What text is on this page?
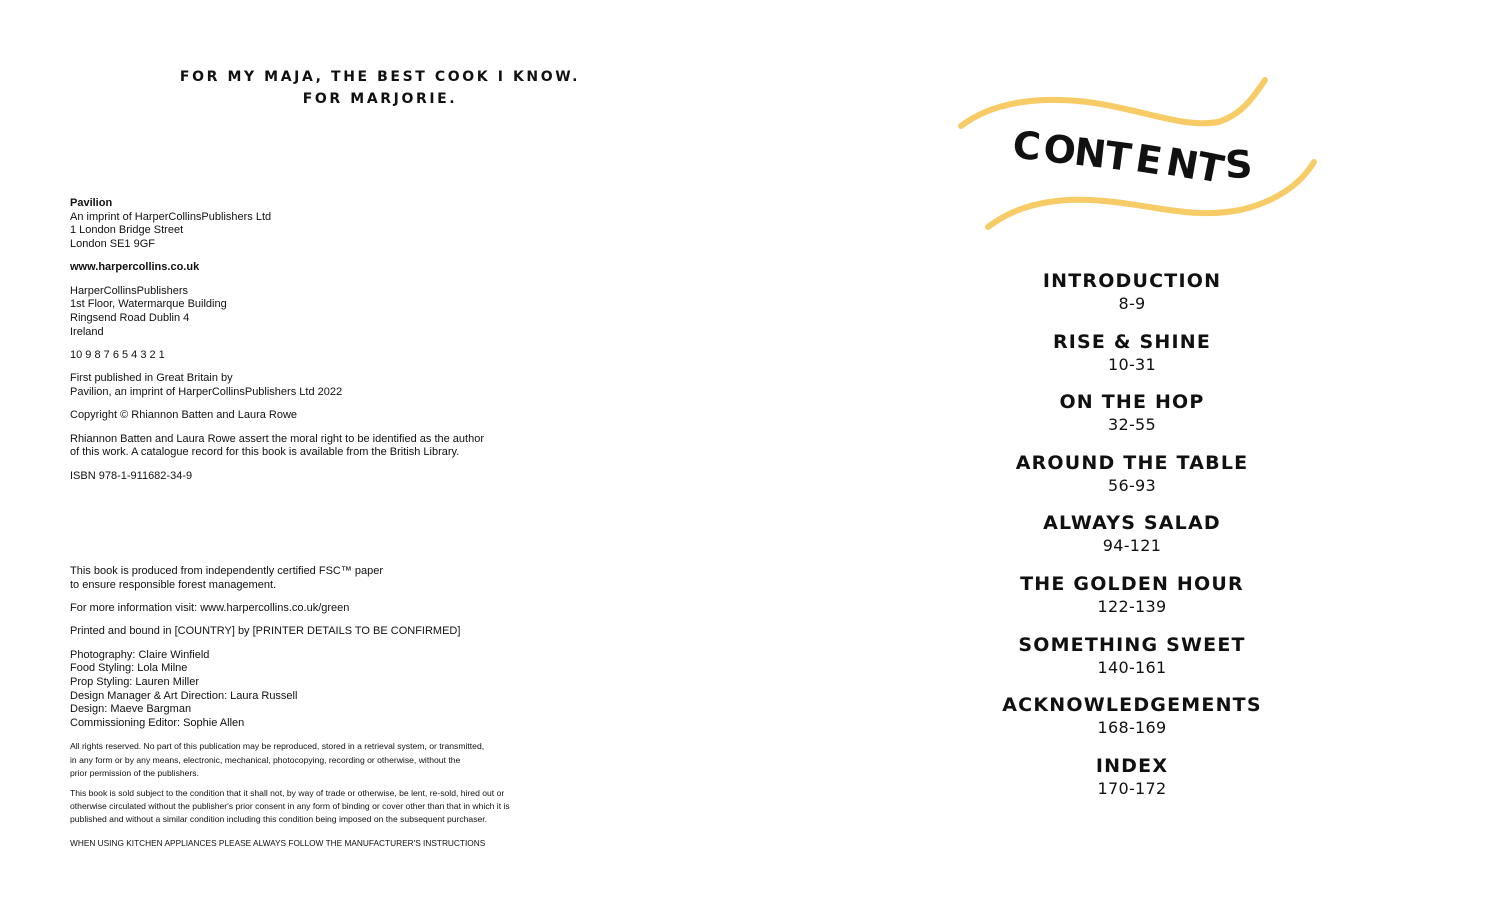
FOR MY MAJA, THE BEST COOK I KNOW.
FOR MARJORIE.
Pavilion
An imprint of HarperCollinsPublishers Ltd
1 London Bridge Street
London SE1 9GF
www.harpercollins.co.uk
HarperCollinsPublishers
1st Floor, Watermarque Building
Ringsend Road Dublin 4
Ireland
10 9 8 7 6 5 4 3 2 1
First published in Great Britain by
Pavilion, an imprint of HarperCollinsPublishers Ltd 2022
Copyright © Rhiannon Batten and Laura Rowe
Rhiannon Batten and Laura Rowe assert the moral right to be identified as the author
of this work. A catalogue record for this book is available from the British Library.
ISBN 978-1-911682-34-9
This book is produced from independently certified FSC™ paper
to ensure responsible forest management.
For more information visit: www.harpercollins.co.uk/green
Printed and bound in [COUNTRY] by [PRINTER DETAILS TO BE CONFIRMED]
Photography: Claire Winfield
Food Styling: Lola Milne
Prop Styling: Lauren Miller
Design Manager & Art Direction: Laura Russell
Design: Maeve Bargman
Commissioning Editor: Sophie Allen
All rights reserved. No part of this publication may be reproduced, stored in a retrieval system, or transmitted,
in any form or by any means, electronic, mechanical, photocopying, recording or otherwise, without the
prior permission of the publishers.
This book is sold subject to the condition that it shall not, by way of trade or otherwise, be lent, re-sold, hired out or
otherwise circulated without the publisher's prior consent in any form of binding or cover other than that in which it is
published and without a similar condition including this condition being imposed on the subsequent purchaser.
WHEN USING KITCHEN APPLIANCES PLEASE ALWAYS FOLLOW THE MANUFACTURER'S INSTRUCTIONS
C O
N
T
E
N
T
S
INTRODUCTION
8-9
RISE & SHINE
10-31
ON THE HOP
32-55
AROUND THE TABLE
56-93
ALWAYS SALAD
94-121
THE GOLDEN HOUR
122-139
SOMETHING SWEET
140-161
ACKNOWLEDGEMENTS
168-169
INDEX
170-172
